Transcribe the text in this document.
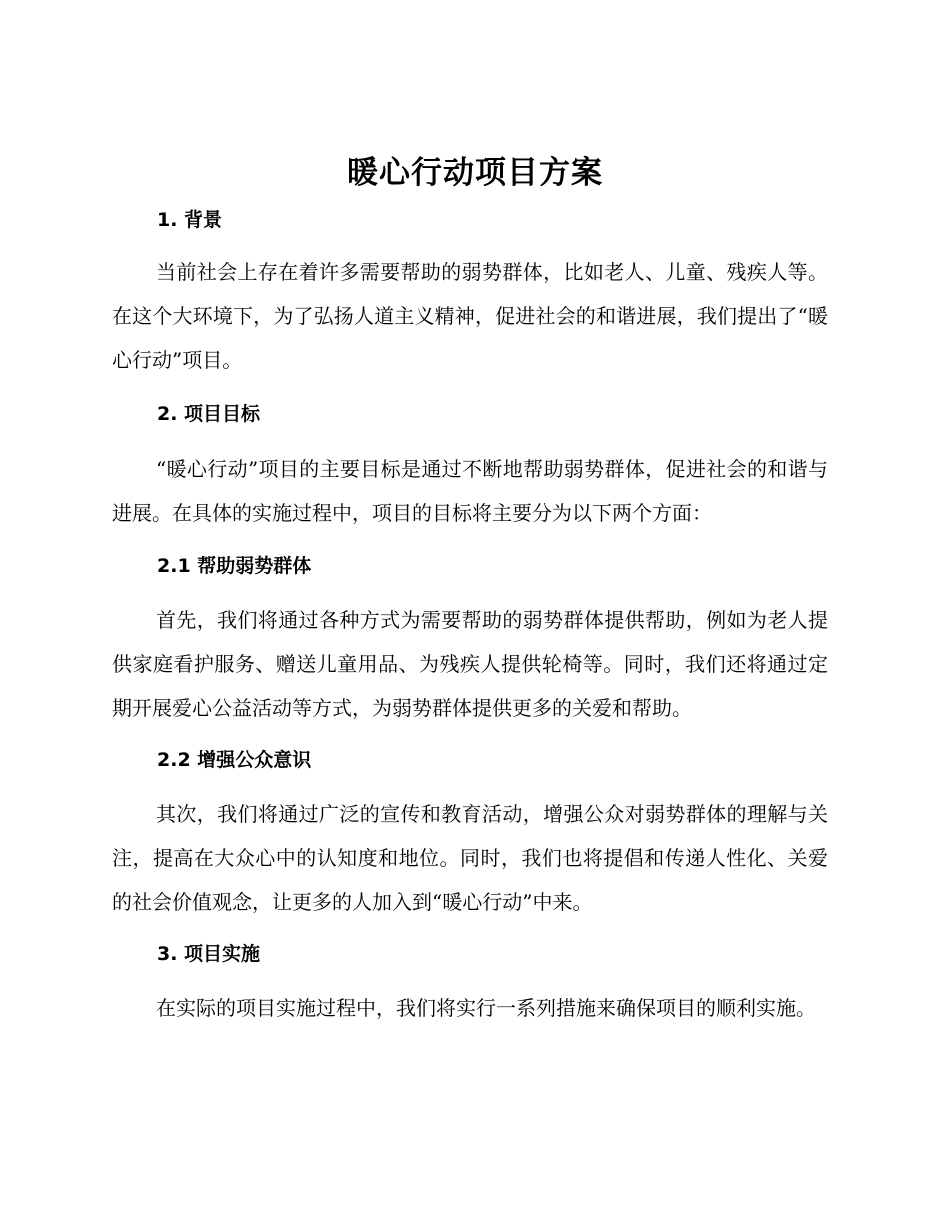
暖心行动项目方案
1. 背景

当前社会上存在着许多需要帮助的弱势群体，比如老人、儿童、残疾人等。在这个大环境下，为了弘扬人道主义精神，促进社会的和谐进展，我们提出了“暖心行动”项目。

2. 项目目标

“暖心行动”项目的主要目标是通过不断地帮助弱势群体，促进社会的和谐与进展。在具体的实施过程中，项目的目标将主要分为以下两个方面：

2.1 帮助弱势群体

首先，我们将通过各种方式为需要帮助的弱势群体提供帮助，例如为老人提供家庭看护服务、赠送儿童用品、为残疾人提供轮椅等。同时，我们还将通过定期开展爱心公益活动等方式，为弱势群体提供更多的关爱和帮助。

2.2 增强公众意识

其次，我们将通过广泛的宣传和教育活动，增强公众对弱势群体的理解与关注，提高在大众心中的认知度和地位。同时，我们也将提倡和传递人性化、关爱的社会价值观念，让更多的人加入到“暖心行动”中来。

3. 项目实施

在实际的项目实施过程中，我们将实行一系列措施来确保项目的顺利实施。
